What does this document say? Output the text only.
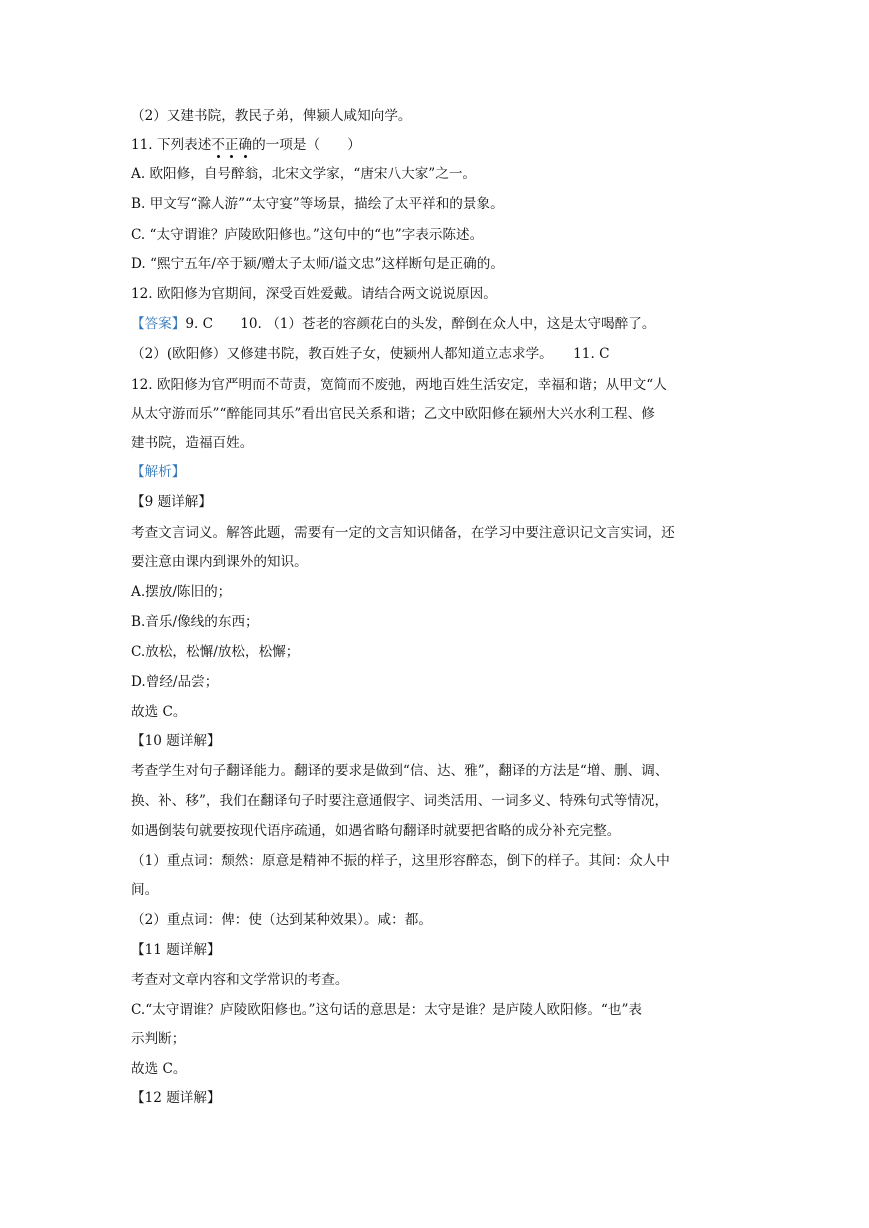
（2）又建书院，教民子弟，俾颍人咸知向学。
11. 下列表述不正确的一项是（　　）
A. 欧阳修，自号醉翁，北宋文学家，“唐宋八大家”之一。
B. 甲文写“滁人游”“太守宴”等场景，描绘了太平祥和的景象。
C. “太守谓谁？庐陵欧阳修也。”这句中的“也”字表示陈述。
D. “熙宁五年/卒于颍/赠太子太师/谥文忠”这样断句是正确的。
12. 欧阳修为官期间，深受百姓爱戴。请结合两文说说原因。
【答案】9. C　　10. （1）苍老的容颜花白的头发，醉倒在众人中，这是太守喝醉了。
（2）(欧阳修）又修建书院，教百姓子女，使颍州人都知道立志求学。　　11. C
12. 欧阳修为官严明而不苛责，宽简而不废弛，两地百姓生活安定，幸福和谐；从甲文“人
从太守游而乐”“醉能同其乐”看出官民关系和谐；乙文中欧阳修在颍州大兴水利工程、修
建书院，造福百姓。
【解析】
【9 题详解】
考查文言词义。解答此题，需要有一定的文言知识储备，在学习中要注意识记文言实词，还
要注意由课内到课外的知识。
A.摆放/陈旧的；
B.音乐/像线的东西；
C.放松，松懈/放松，松懈；
D.曾经/品尝；
故选 C。
【10 题详解】
考查学生对句子翻译能力。翻译的要求是做到“信、达、雅”，翻译的方法是“增、删、调、
换、补、移”，我们在翻译句子时要注意通假字、词类活用、一词多义、特殊句式等情况，
如遇倒装句就要按现代语序疏通，如遇省略句翻译时就要把省略的成分补充完整。
（1）重点词：颓然：原意是精神不振的样子，这里形容醉态，倒下的样子。其间：众人中
间。
（2）重点词：俾：使（达到某种效果）。咸：都。
【11 题详解】
考查对文章内容和文学常识的考查。
C.“太守谓谁？庐陵欧阳修也。”这句话的意思是：太守是谁？是庐陵人欧阳修。“也”表
示判断；
故选 C。
【12 题详解】
